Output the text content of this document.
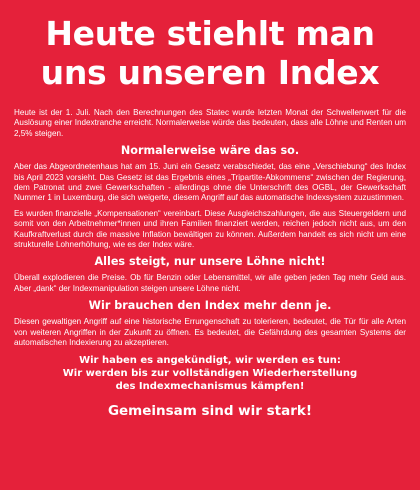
Heute stiehlt man
uns unseren Index

Heute ist der 1. Juli. Nach den Berechnungen des Statec wurde letzten Monat der Schwellenwert für die Auslösung einer Indextranche erreicht. Normalerweise würde das bedeuten, dass alle Löhne und Renten um 2,5% steigen.

Normalerweise wäre das so.

Aber das Abgeordnetenhaus hat am 15. Juni ein Gesetz verabschiedet, das eine „Verschiebung“ des Index bis April 2023 vorsieht. Das Gesetz ist das Ergebnis eines „Tripartite-Abkommens“ zwischen der Regierung, dem Patronat und zwei Gewerkschaften - allerdings ohne die Unterschrift des OGBL, der Gewerkschaft Nummer 1 in Luxemburg, die sich weigerte, diesem Angriff auf das automatische Indexsystem zuzustimmen.

Es wurden finanzielle „Kompensationen“ vereinbart. Diese Ausgleichszahlungen, die aus Steuergeldern und somit von den Arbeitnehmer*innen und ihren Familien finanziert werden, reichen jedoch nicht aus, um den Kaufkraftverlust durch die massive Inflation bewältigen zu können. Außerdem handelt es sich nicht um eine strukturelle Lohnerhöhung, wie es der Index wäre.

Alles steigt, nur unsere Löhne nicht!

Überall explodieren die Preise. Ob für Benzin oder Lebensmittel, wir alle geben jeden Tag mehr Geld aus. Aber „dank“ der Indexmanipulation steigen unsere Löhne nicht.

Wir brauchen den Index mehr denn je.

Diesen gewaltigen Angriff auf eine historische Errungenschaft zu tolerieren, bedeutet, die Tür für alle Arten von weiteren Angriffen in der Zukunft zu öffnen. Es bedeutet, die Gefährdung des gesamten Systems der automatischen Indexierung zu akzeptieren.

Wir haben es angekündigt, wir werden es tun:
Wir werden bis zur vollständigen Wiederherstellung
des Indexmechanismus kämpfen!
Gemeinsam sind wir stark!
